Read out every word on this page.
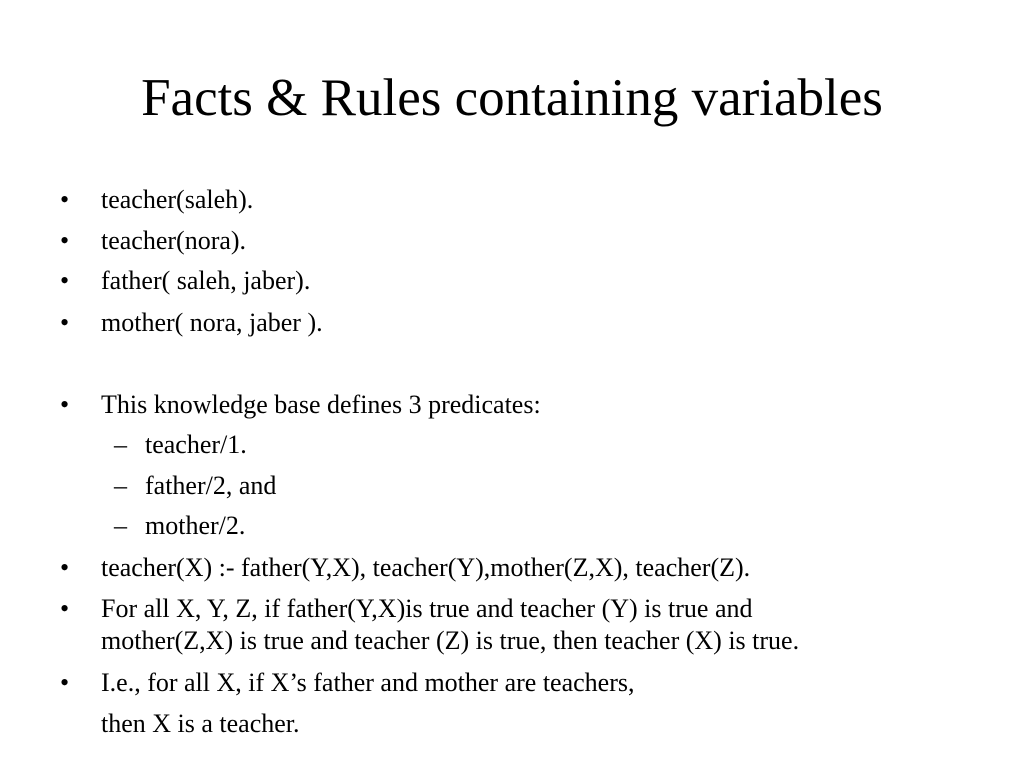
Facts & Rules containing variables
• teacher(saleh).
• teacher(nora).
• father( saleh, jaber).
• mother( nora, jaber ).
• This knowledge base defines 3 predicates:
– teacher/1.
– father/2, and
– mother/2.
• teacher(X) :- father(Y,X), teacher(Y),mother(Z,X), teacher(Z).
• For all X, Y, Z, if father(Y,X)is true and teacher (Y) is true and
mother(Z,X) is true and teacher (Z) is true, then teacher (X) is true.
• I.e., for all X, if X’s father and mother are teachers,
then X is a teacher.
